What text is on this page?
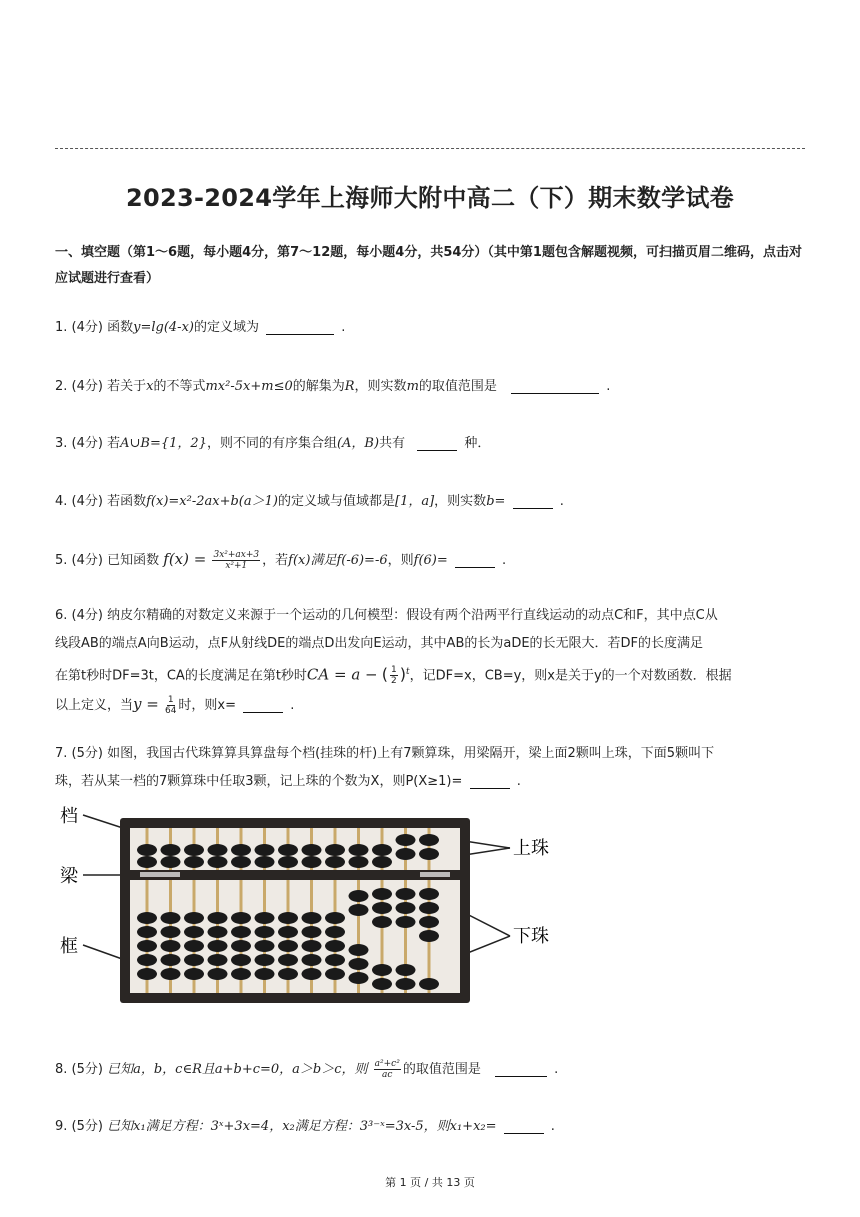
2023-2024学年上海师大附中高二（下）期末数学试卷
一、填空题（第1～6题，每小题4分，第7～12题，每小题4分，共54分）（其中第1题包含解题视频，可扫描页眉二维码，点击对应试题进行查看）
1. (4分) 函数y=lg(4-x)的定义域为	.
2. (4分) 若关于x的不等式mx²-5x+m≤0的解集为R，则实数m的取值范围是	.
3. (4分) 若A∪B={1，2}，则不同的有序集合组(A，B)共有	种．
4. (4分) 若函数f(x)=x²-2ax+b(a＞1)的定义域与值域都是[1，a]，则实数b=	.
5. (4分) 已知函数 $f(x) = \frac{\text{3x²+ax+3}}{\text{x²+1}}$ ，若f(x)满足f(-6)=-6，则f(6)=	.
6. (4分) 纳皮尔精确的对数定义来源于一个运动的几何模型：假设有两个沿两平行直线运动的动点C和F，其中点C从
线段AB的端点A向B运动，点F从射线DE的端点D出发向E运动，其中AB的长为aDE的长无限大．若DF的长度满足
在第t秒时DF=3t，CA的长度满足在第t秒时CA = a − ( $\frac{1}{2} )^t$，记DF=x，CB=y，则x是关于y的一个对数函数．根据
以上定义，当$y = \frac{1}{64}$ 时，则x=	.
7. (5分) 如图，我国古代珠算算具算盘每个档(挂珠的杆)上有7颗算珠，用梁隔开，梁上面2颗叫上珠，下面5颗叫下
珠，若从某一档的7颗算珠中任取3颗，记上珠的个数为X，则P(X≥1)=	.
档
梁
框
上珠
下珠
8. (5分) 已知a，b，c∈R且a+b+c=0，a＞b＞c，则 $\frac{\text{a²+c²}}{ac}$ 的取值范围是	.
9. (5分) 已知x₁满足方程：3ˣ+3x=4，x₂满足方程：3³⁻ˣ=3x-5，则x₁+x₂=	.
第 1 页 / 共 13 页
